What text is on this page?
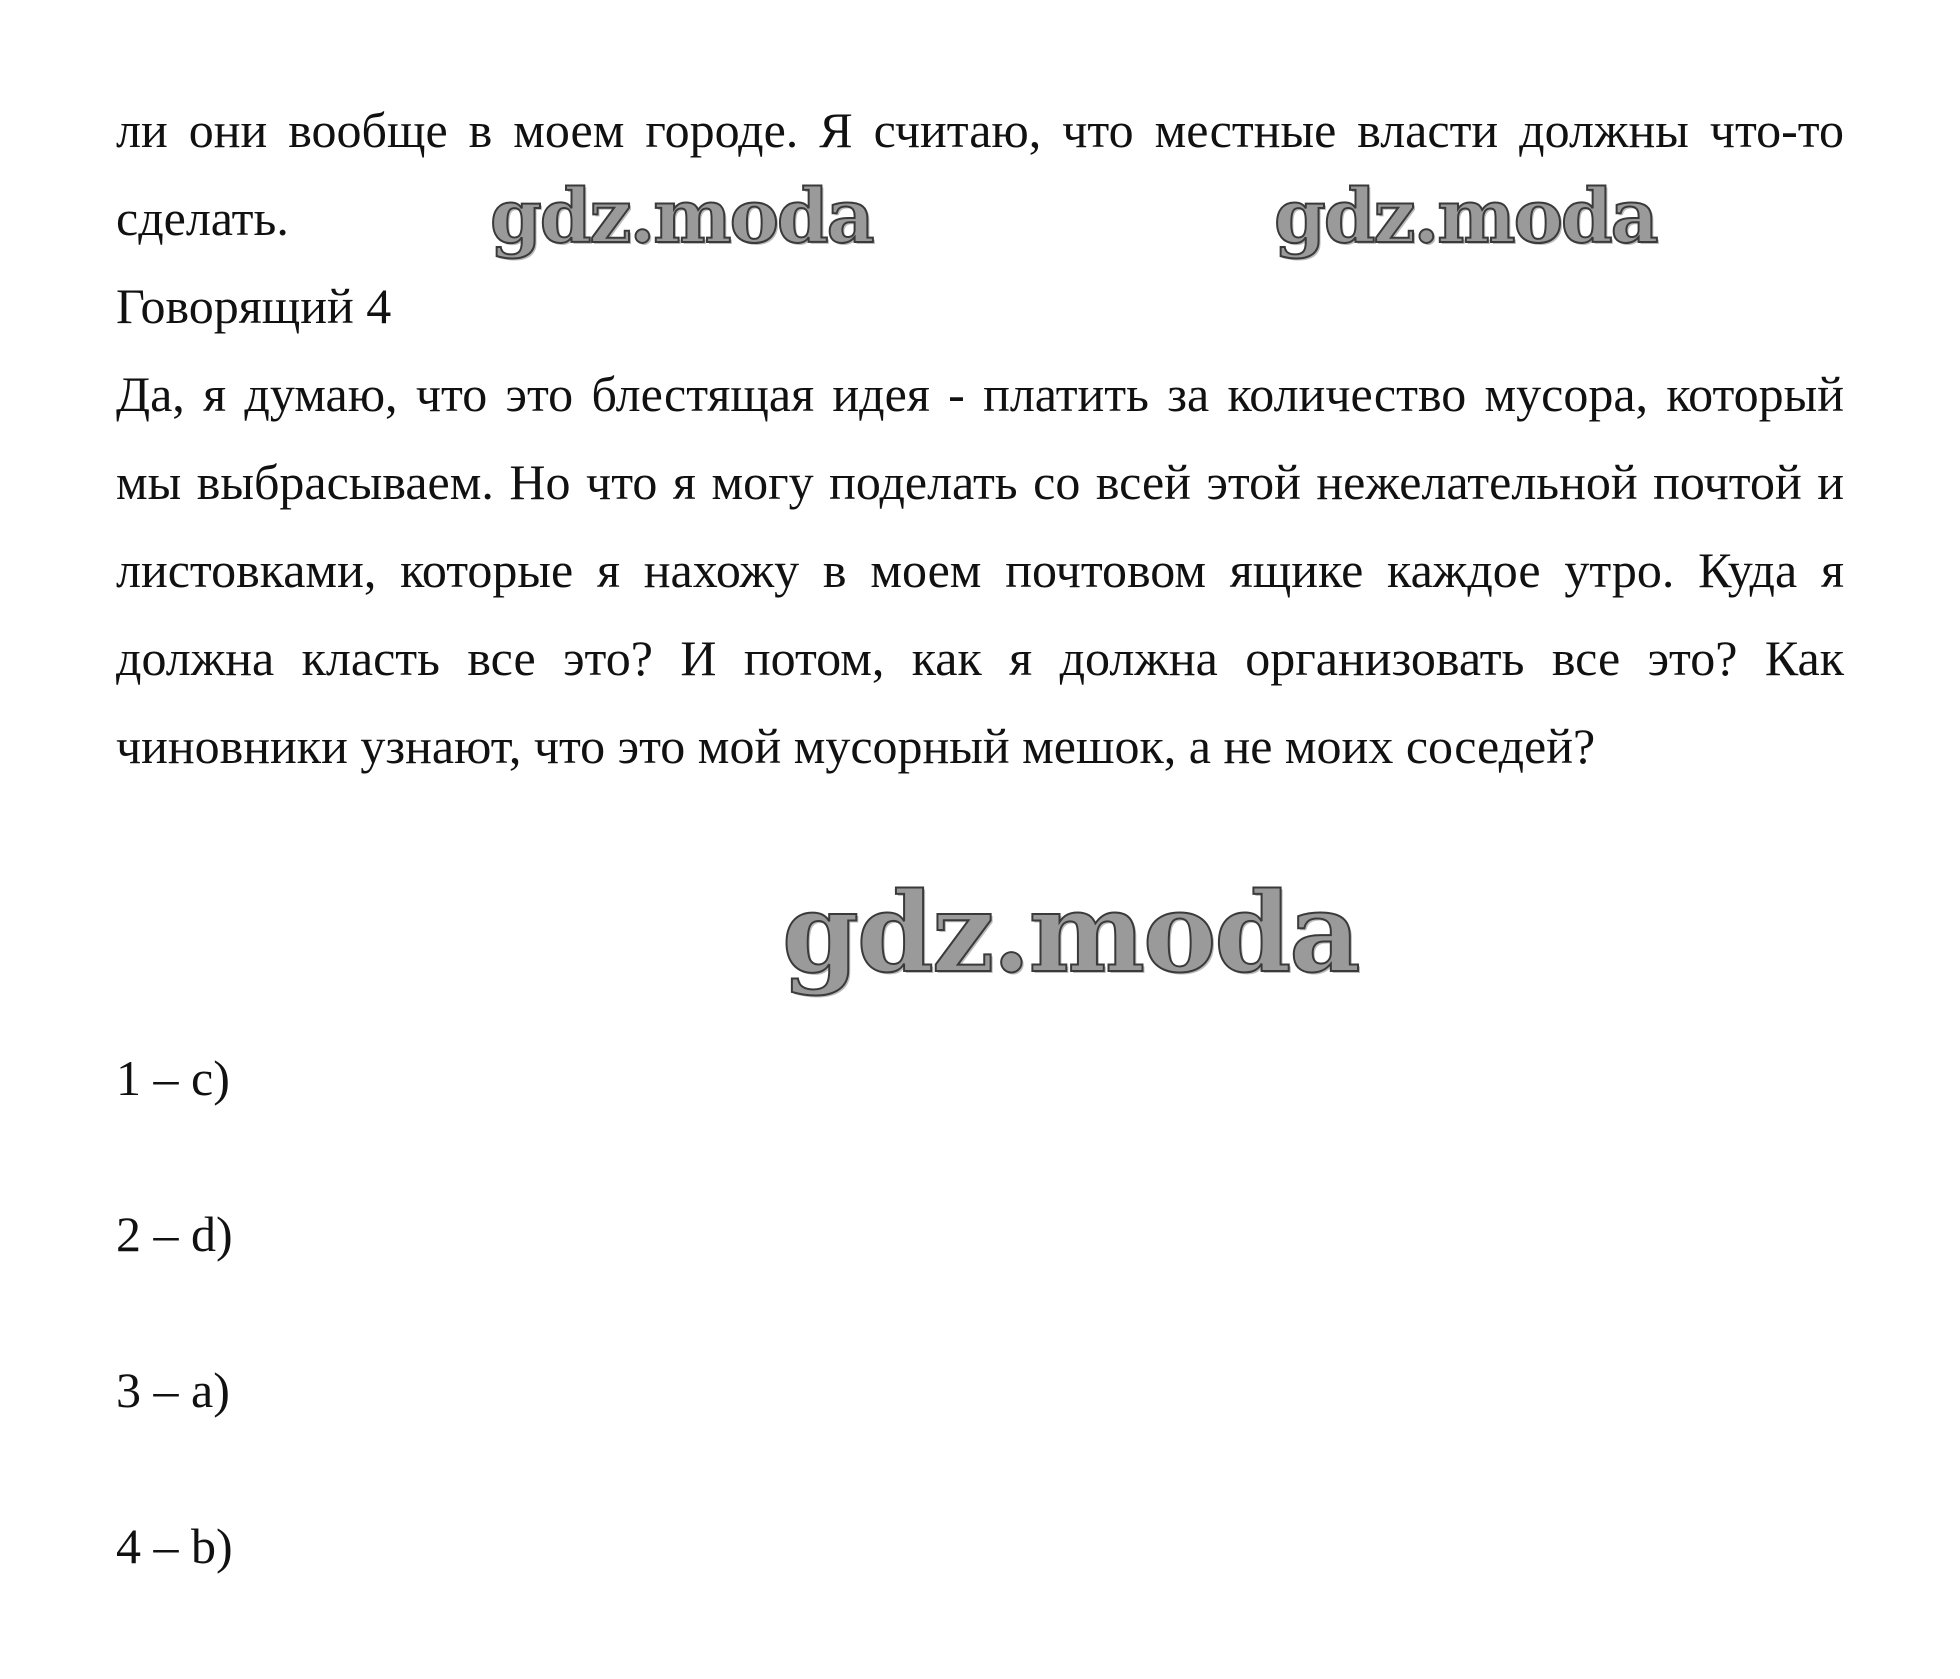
ли они вообще в моем городе. Я считаю, что местные власти должны что-то сделать.

Говорящий 4

Да, я думаю, что это блестящая идея - платить за количество мусора, который мы выбрасываем. Но что я могу поделать со всей этой нежелательной почтой и листовками, которые я нахожу в моем почтовом ящике каждое утро. Куда я должна класть все это? И потом, как я должна организовать все это? Как чиновники узнают, что это мой мусорный мешок, а не моих соседей?

1 – c)

2 – d)

3 – a)

4 – b)

gdz.moda	gdz.moda
gdz.moda
